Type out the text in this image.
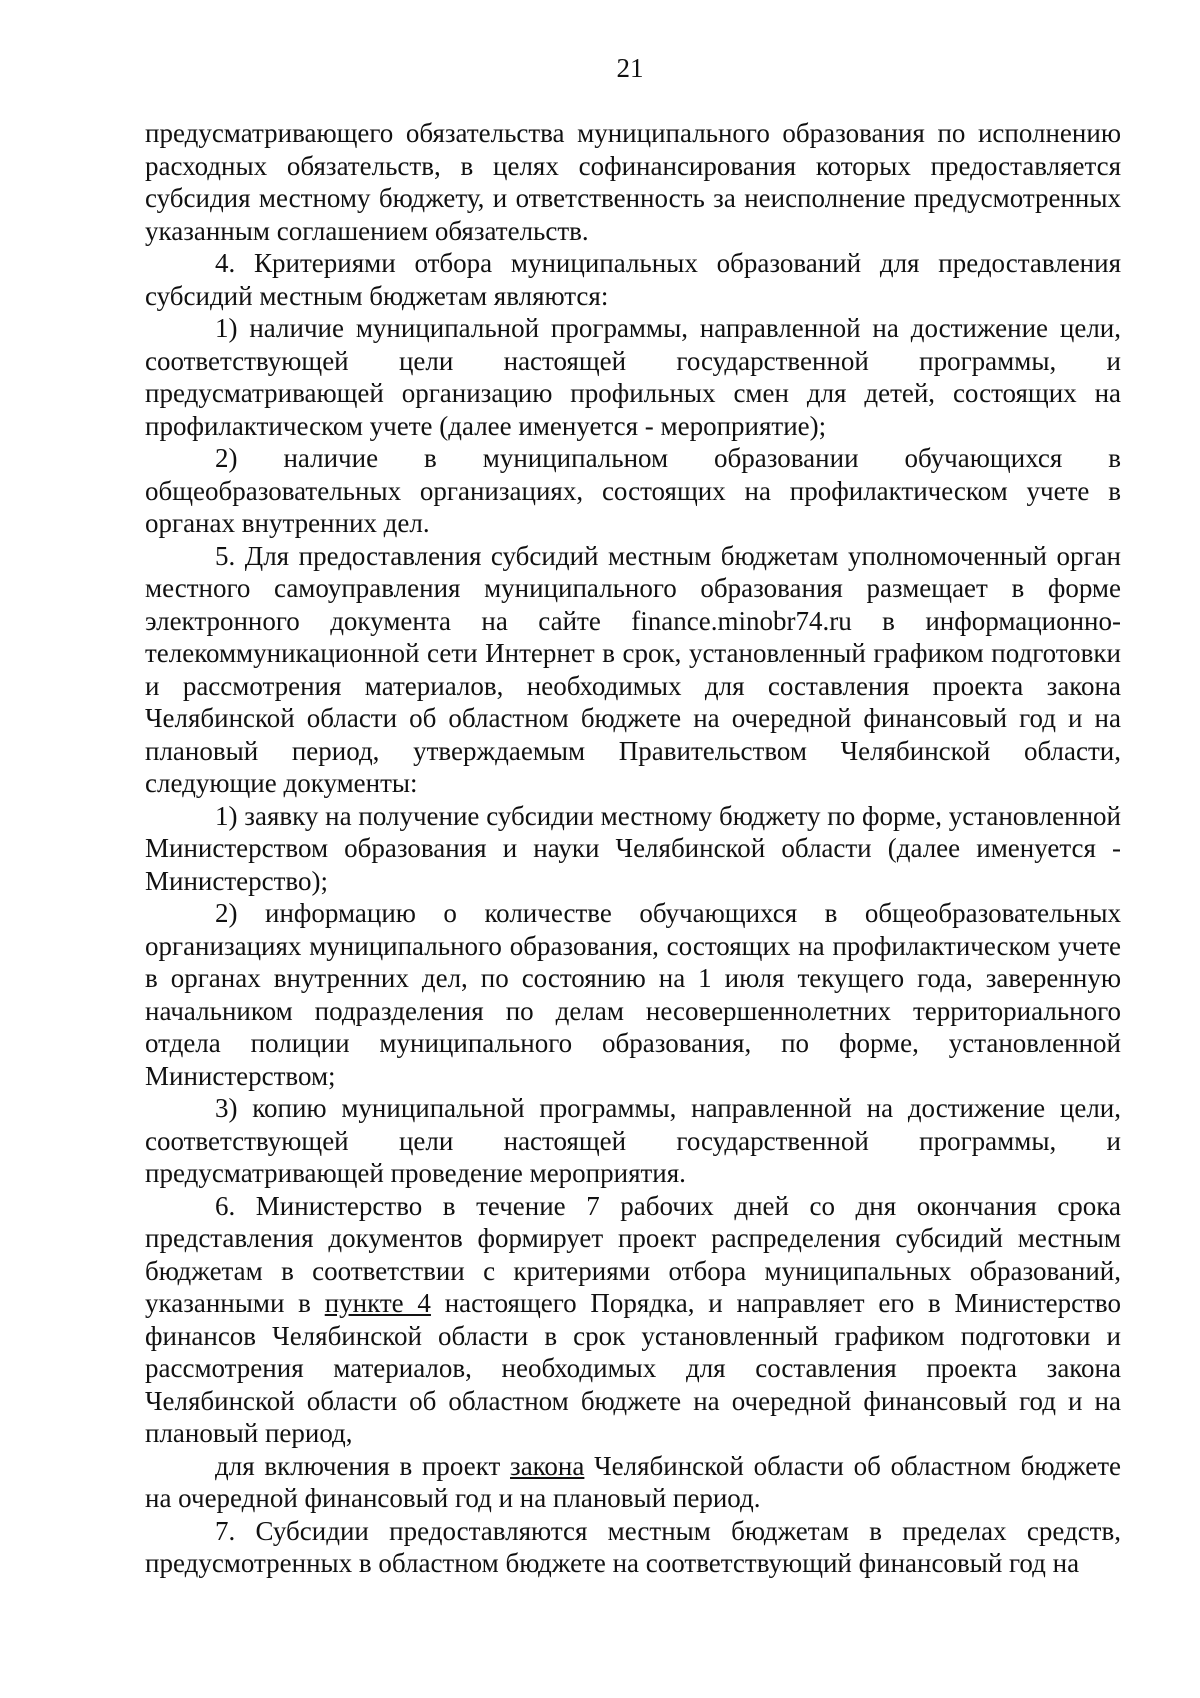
21

предусматривающего обязательства муниципального образования по исполнению расходных обязательств, в целях софинансирования которых предоставляется субсидия местному бюджету, и ответственность за неисполнение предусмотренных указанным соглашением обязательств.

4. Критериями отбора муниципальных образований для предоставления субсидий местным бюджетам являются:

1) наличие муниципальной программы, направленной на достижение цели, соответствующей цели настоящей государственной программы, и предусматривающей организацию профильных смен для детей, состоящих на профилактическом учете (далее именуется - мероприятие);

2) наличие в муниципальном образовании обучающихся в общеобразовательных организациях, состоящих на профилактическом учете в органах внутренних дел.

5. Для предоставления субсидий местным бюджетам уполномоченный орган местного самоуправления муниципального образования размещает в форме электронного документа на сайте finance.minobr74.ru в информационно-телекоммуникационной сети Интернет в срок, установленный графиком подготовки и рассмотрения материалов, необходимых для составления проекта закона Челябинской области об областном бюджете на очередной финансовый год и на плановый период, утверждаемым Правительством Челябинской области, следующие документы:

1) заявку на получение субсидии местному бюджету по форме, установленной Министерством образования и науки Челябинской области (далее именуется - Министерство);

2) информацию о количестве обучающихся в общеобразовательных организациях муниципального образования, состоящих на профилактическом учете в органах внутренних дел, по состоянию на 1 июля текущего года, заверенную начальником подразделения по делам несовершеннолетних территориального отдела полиции муниципального образования, по форме, установленной Министерством;

3) копию муниципальной программы, направленной на достижение цели, соответствующей цели настоящей государственной программы, и предусматривающей проведение мероприятия.

6. Министерство в течение 7 рабочих дней со дня окончания срока представления документов формирует проект распределения субсидий местным бюджетам в соответствии с критериями отбора муниципальных образований, указанными в пункте 4 настоящего Порядка, и направляет его в Министерство финансов Челябинской области в срок установленный графиком подготовки и рассмотрения материалов, необходимых для составления проекта закона Челябинской области об областном бюджете на очередной финансовый год и на плановый период,

для включения в проект закона Челябинской области об областном бюджете на очередной финансовый год и на плановый период.

7. Субсидии предоставляются местным бюджетам в пределах средств, предусмотренных в областном бюджете на соответствующий финансовый год на
